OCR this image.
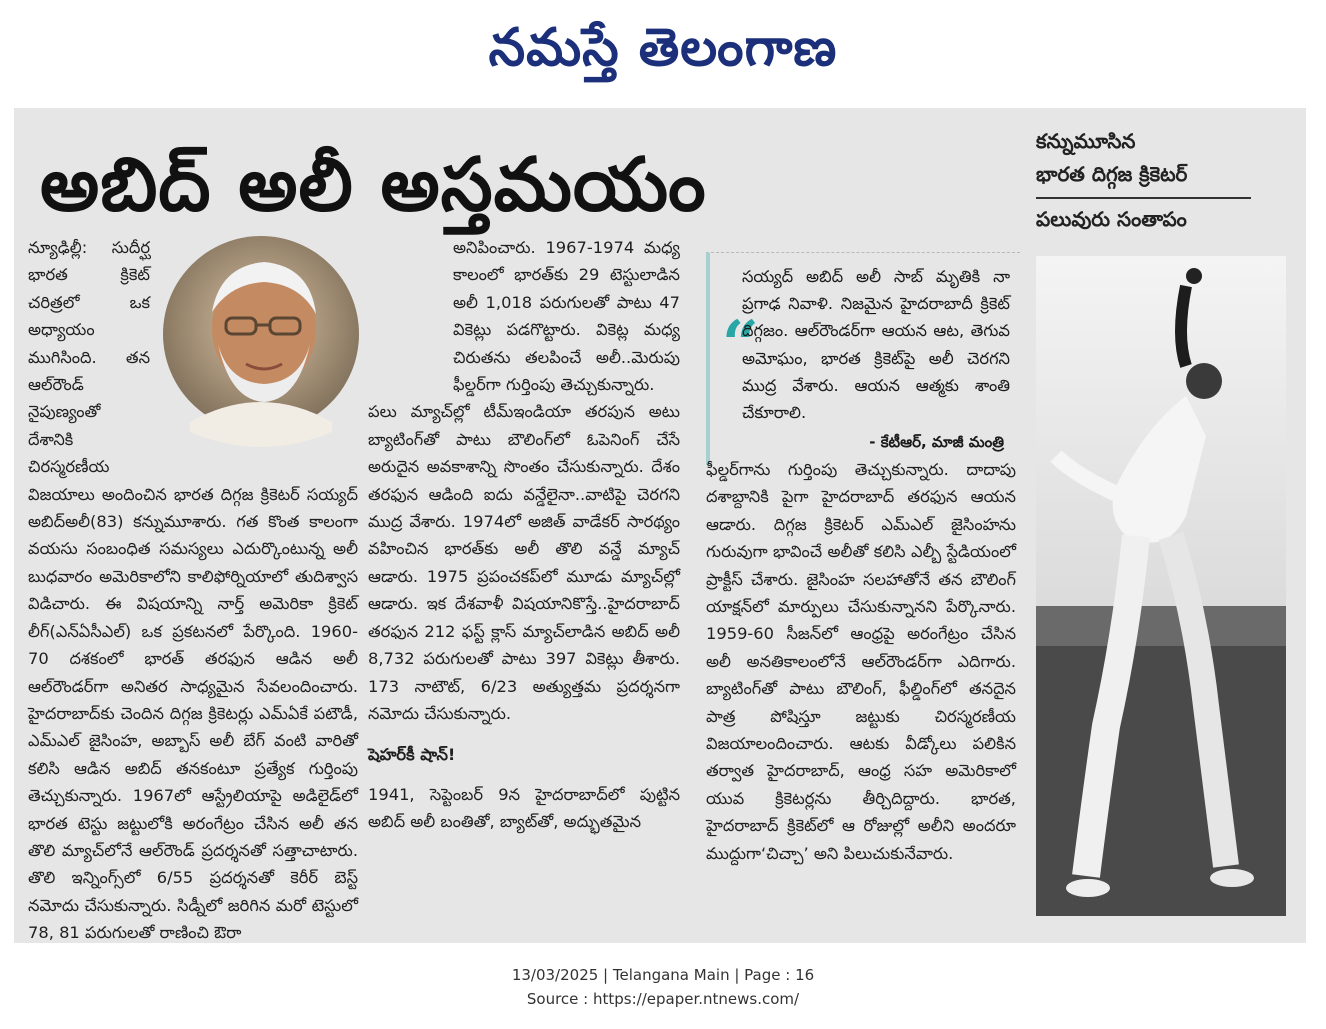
నమస్తే తెలంగాణ
అబిద్ అలీ అస్తమయం
కన్నుమూసిన
భారత దిగ్గజ క్రికెటర్
పలువురు సంతాపం

న్యూఢిల్లీ: సుదీర్ఘ భారత క్రికెట్ చరిత్రలో ఒక అధ్యాయం ముగిసింది. తన ఆల్‌రౌండ్ నైపుణ్యంతో దేశానికి చిరస్మరణీయ విజయాలు అందించిన భారత దిగ్గజ క్రికెటర్ సయ్యద్ అబిద్‌అలీ(83) కన్నుమూశారు. గత కొంత కాలంగా వయసు సంబంధిత సమస్యలు ఎదుర్కొంటున్న అలీ బుధవారం అమెరికాలోని కాలిఫోర్నియాలో తుదిశ్వాస విడిచారు. ఈ విషయాన్ని నార్త్ అమెరికా క్రికెట్ లీగ్(ఎన్‌ఏసీఎల్) ఒక ప్రకటనలో పేర్కొంది. 1960-70 దశకంలో భారత్ తరఫున ఆడిన అలీ ఆల్‌రౌండర్‌గా అనితర సాధ్యమైన సేవలందించారు. హైదరాబాద్‌కు చెందిన దిగ్గజ క్రికెటర్లు ఎమ్ఏకే పటౌడీ, ఎమ్ఎల్ జైసింహ, అబ్బాస్ అలీ బేగ్ వంటి వారితో కలిసి ఆడిన అబిద్ తనకంటూ ప్రత్యేక గుర్తింపు తెచ్చుకున్నారు. 1967లో ఆస్ట్రేలియాపై అడిలైడ్‌లో భారత టెస్టు జట్టులోకి అరంగేట్రం చేసిన అలీ తన తొలి మ్యాచ్‌లోనే ఆల్‌రౌండ్ ప్రదర్శనతో సత్తాచాటారు. తొలి ఇన్నింగ్స్‌లో 6/55 ప్రదర్శనతో కెరీర్ బెస్ట్ నమోదు చేసుకున్నారు. సిడ్నీలో జరిగిన మరో టెస్టులో 78, 81 పరుగులతో రాణించి ఔరా

అనిపించారు. 1967-1974 మధ్య కాలంలో భారత్‌కు 29 టెస్టులాడిన అలీ 1,018 పరుగులతో పాటు 47 వికెట్లు పడగొట్టారు. వికెట్ల మధ్య చిరుతను తలపించే అలీ..మెరుపు ఫీల్డర్‌గా గుర్తింపు తెచ్చుకున్నారు.

పలు మ్యాచ్‌ల్లో టీమ్‌ఇండియా తరపున అటు బ్యాటింగ్‌తో పాటు బౌలింగ్‌లో ఓపెనింగ్ చేసే అరుదైన అవకాశాన్ని సొంతం చేసుకున్నారు. దేశం తరఫున ఆడింది ఐదు వన్డేలైనా..వాటిపై చెరగని ముద్ర వేశారు. 1974లో అజిత్ వాడేకర్ సారథ్యం వహించిన భారత్‌కు అలీ తొలి వన్డే మ్యాచ్ ఆడారు. 1975 ప్రపంచకప్‌లో మూడు మ్యాచ్‌ల్లో ఆడారు. ఇక దేశవాళీ విషయానికొస్తే..హైదరాబాద్ తరఫున 212 ఫస్ట్ క్లాస్ మ్యాచ్‌లాడిన అబిద్ అలీ 8,732 పరుగులతో పాటు 397 వికెట్లు తీశారు. 173 నాటౌట్, 6/23 అత్యుత్తమ ప్రదర్శనగా నమోదు చేసుకున్నారు.

షెహర్‌కీ షాన్!

1941, సెప్టెంబర్ 9న హైదరాబాద్‌లో పుట్టిన అబిద్ అలీ బంతితో, బ్యాట్‌తో, అద్భుతమైన

“
సయ్యద్ అబిద్ అలీ సాబ్ మృతికి నా ప్రగాఢ నివాళి. నిజమైన హైదరాబాదీ క్రికెట్ దిగ్గజం. ఆల్‌రౌండర్‌గా ఆయన ఆట, తెగువ అమోఘం, భారత క్రికెట్‌పై అలీ చెరగని ముద్ర వేశారు. ఆయన ఆత్మకు శాంతి చేకూరాలి.
- కేటీఆర్, మాజీ మంత్రి

ఫీల్డర్‌గాను గుర్తింపు తెచ్చుకున్నారు. దాదాపు దశాబ్దానికి పైగా హైదరాబాద్ తరఫున ఆయన ఆడారు. దిగ్గజ క్రికెటర్ ఎమ్ఎల్ జైసింహను గురువుగా భావించే అలీతో కలిసి ఎల్బీ స్టేడియంలో ప్రాక్టీస్ చేశారు. జైసింహ సలహాతోనే తన బౌలింగ్ యాక్షన్‌లో మార్పులు చేసుకున్నానని పేర్కొనారు. 1959-60 సీజన్‌లో ఆంధ్రపై అరంగేట్రం చేసిన అలీ అనతికాలంలోనే ఆల్‌రౌండర్‌గా ఎదిగారు. బ్యాటింగ్‌తో పాటు బౌలింగ్, ఫీల్డింగ్‌లో తనదైన పాత్ర పోషిస్తూ జట్టుకు చిరస్మరణీయ విజయాలందించారు. ఆటకు వీడ్కోలు పలికిన తర్వాత హైదరాబాద్, ఆంధ్ర సహ అమెరికాలో యువ క్రికెటర్లను తీర్చిదిద్దారు. భారత, హైదరాబాద్ క్రికెట్‌లో ఆ రోజుల్లో అలీని అందరూ ముద్దుగా‘చిచ్చా’ అని పిలుచుకునేవారు.

13/03/2025 | Telangana Main | Page : 16
Source : https://epaper.ntnews.com/
